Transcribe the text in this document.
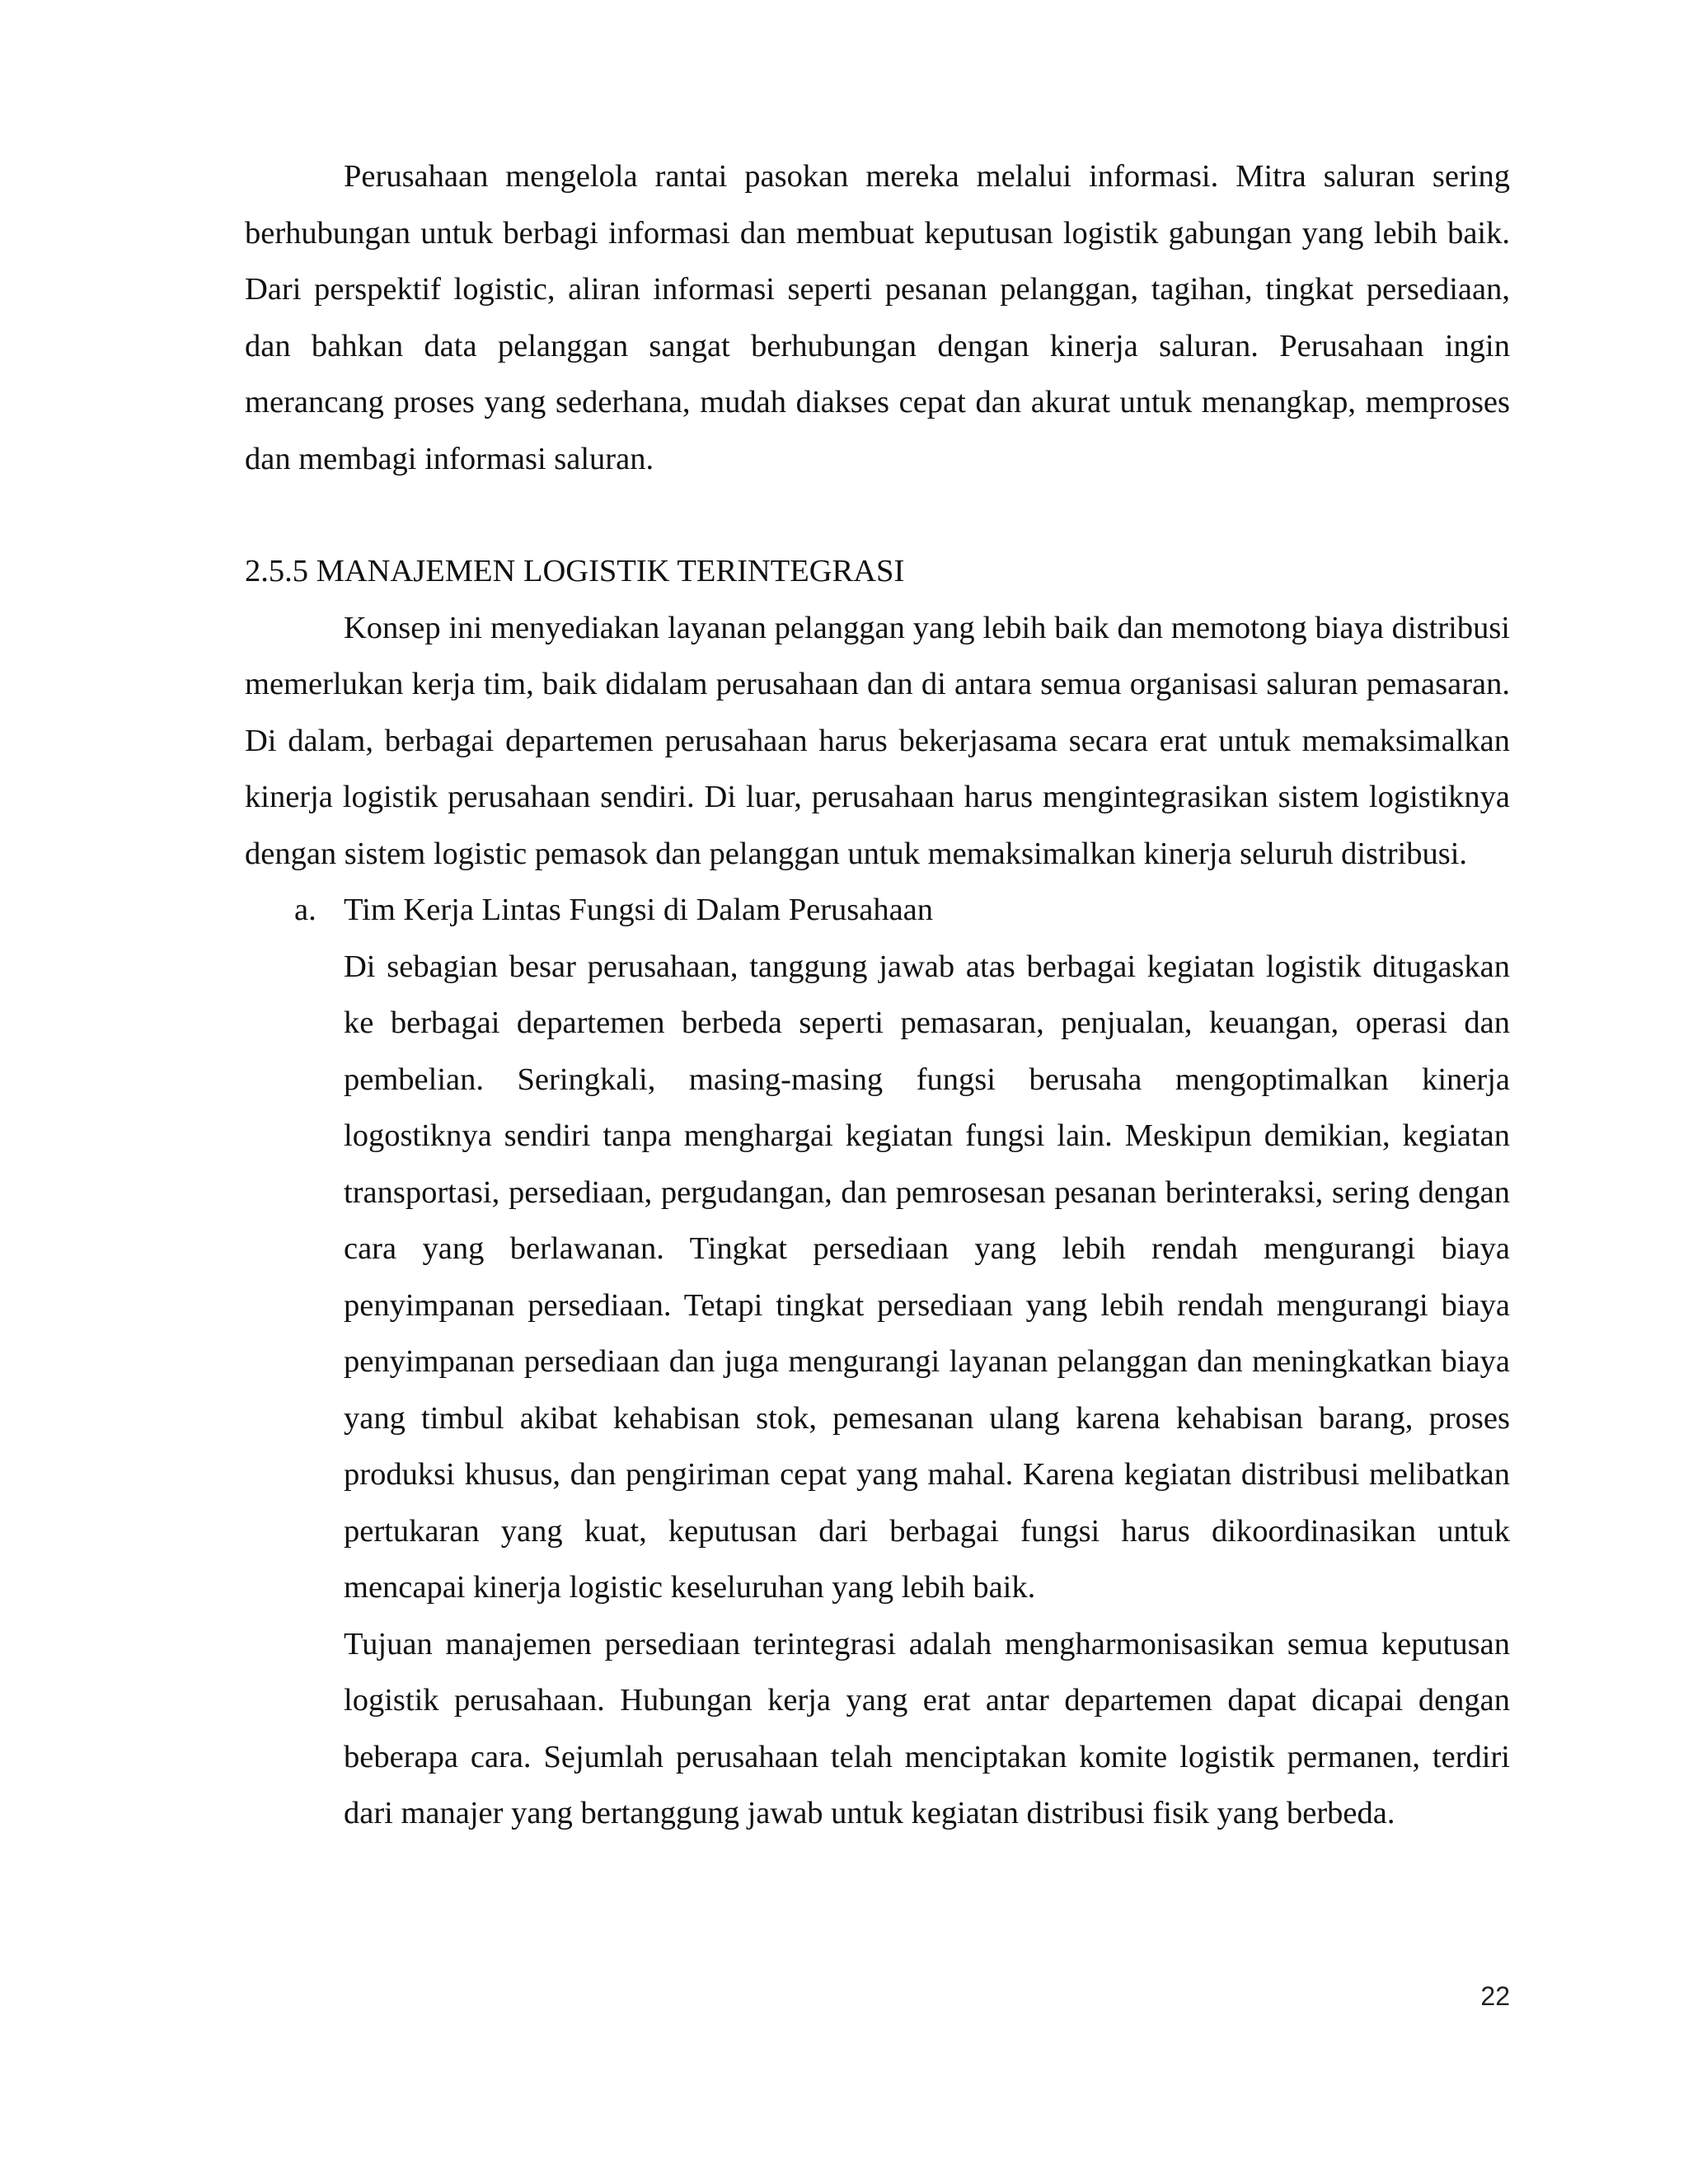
Perusahaan mengelola rantai pasokan mereka melalui informasi. Mitra saluran sering berhubungan untuk berbagi informasi dan membuat keputusan logistik gabungan yang lebih baik. Dari perspektif logistic, aliran informasi seperti pesanan pelanggan, tagihan, tingkat persediaan, dan bahkan data pelanggan sangat berhubungan dengan kinerja saluran. Perusahaan ingin merancang proses yang sederhana, mudah diakses cepat dan akurat untuk menangkap, memproses dan membagi informasi saluran.

2.5.5 MANAJEMEN LOGISTIK TERINTEGRASI

Konsep ini menyediakan layanan pelanggan yang lebih baik dan memotong biaya distribusi memerlukan kerja tim, baik didalam perusahaan dan di antara semua organisasi saluran pemasaran. Di dalam, berbagai departemen perusahaan harus bekerjasama secara erat untuk memaksimalkan kinerja logistik perusahaan sendiri. Di luar, perusahaan harus mengintegrasikan sistem logistiknya dengan sistem logistic pemasok dan pelanggan untuk memaksimalkan kinerja seluruh distribusi.

a. Tim Kerja Lintas Fungsi di Dalam Perusahaan

Di sebagian besar perusahaan, tanggung jawab atas berbagai kegiatan logistik ditugaskan ke berbagai departemen berbeda seperti pemasaran, penjualan, keuangan, operasi dan pembelian. Seringkali, masing-masing fungsi berusaha mengoptimalkan kinerja logostiknya sendiri tanpa menghargai kegiatan fungsi lain. Meskipun demikian, kegiatan transportasi, persediaan, pergudangan, dan pemrosesan pesanan berinteraksi, sering dengan cara yang berlawanan. Tingkat persediaan yang lebih rendah mengurangi biaya penyimpanan persediaan. Tetapi tingkat persediaan yang lebih rendah mengurangi biaya penyimpanan persediaan dan juga mengurangi layanan pelanggan dan meningkatkan biaya yang timbul akibat kehabisan stok, pemesanan ulang karena kehabisan barang, proses produksi khusus, dan pengiriman cepat yang mahal. Karena kegiatan distribusi melibatkan pertukaran yang kuat, keputusan dari berbagai fungsi harus dikoordinasikan untuk mencapai kinerja logistic keseluruhan yang lebih baik.

Tujuan manajemen persediaan terintegrasi adalah mengharmonisasikan semua keputusan logistik perusahaan. Hubungan kerja yang erat antar departemen dapat dicapai dengan beberapa cara. Sejumlah perusahaan telah menciptakan komite logistik permanen, terdiri dari manajer yang bertanggung jawab untuk kegiatan distribusi fisik yang berbeda.

22
